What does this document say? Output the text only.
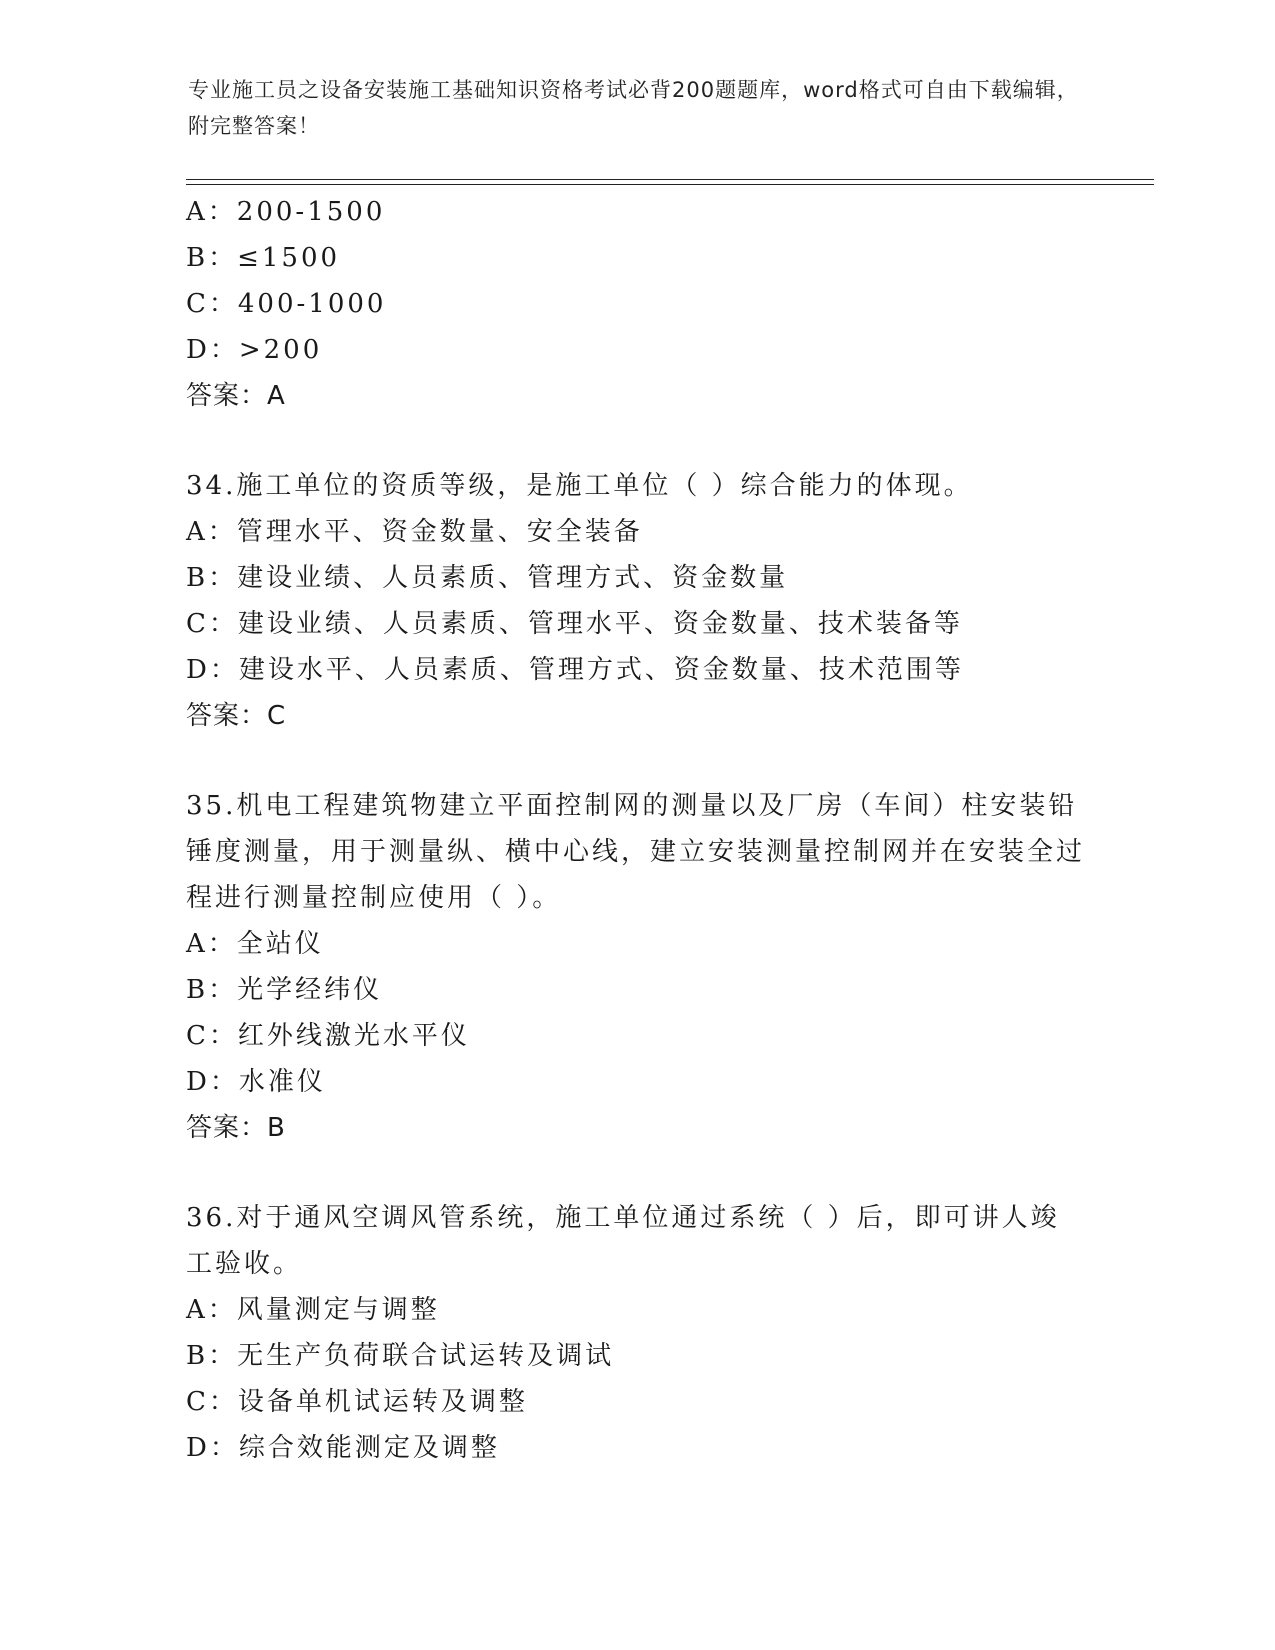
专业施工员之设备安装施工基础知识资格考试必背200题题库，word格式可自由下载编辑，附完整答案！
A：200-1500
B：≤1500
C：400-1000
D：>200
答案：A
34.施工单位的资质等级，是施工单位（ ）综合能力的体现。
A：管理水平、资金数量、安全装备
B：建设业绩、人员素质、管理方式、资金数量
C：建设业绩、人员素质、管理水平、资金数量、技术装备等
D：建设水平、人员素质、管理方式、资金数量、技术范围等
答案：C
35.机电工程建筑物建立平面控制网的测量以及厂房（车间）柱安装铅锤度测量，用于测量纵、横中心线，建立安装测量控制网并在安装全过程进行测量控制应使用（ ）。
A：全站仪
B：光学经纬仪
C：红外线激光水平仪
D：水准仪
答案：B
36.对于通风空调风管系统，施工单位通过系统（ ）后，即可讲人竣工验收。
A：风量测定与调整
B：无生产负荷联合试运转及调试
C：设备单机试运转及调整
D：综合效能测定及调整
